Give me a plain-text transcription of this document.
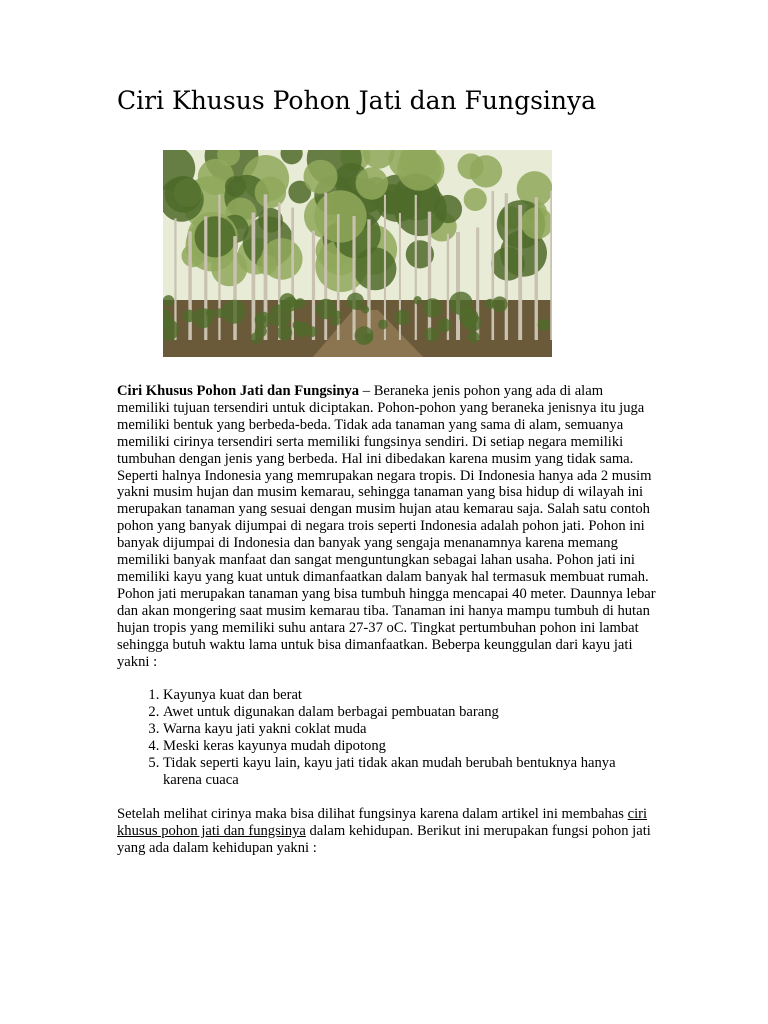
Ciri Khusus Pohon Jati dan Fungsinya

Ciri Khusus Pohon Jati dan Fungsinya – Beraneka jenis pohon yang ada di alam memiliki tujuan tersendiri untuk diciptakan. Pohon-pohon yang beraneka jenisnya itu juga memiliki bentuk yang berbeda-beda. Tidak ada tanaman yang sama di alam, semuanya memiliki cirinya tersendiri serta memiliki fungsinya sendiri. Di setiap negara memiliki tumbuhan dengan jenis yang berbeda. Hal ini dibedakan karena musim yang tidak sama. Seperti halnya Indonesia yang memrupakan negara tropis. Di Indonesia hanya ada 2 musim yakni musim hujan dan musim kemarau, sehingga tanaman yang bisa hidup di wilayah ini merupakan tanaman yang sesuai dengan musim hujan atau kemarau saja. Salah satu contoh pohon yang banyak dijumpai di negara trois seperti Indonesia adalah pohon jati. Pohon ini banyak dijumpai di Indonesia dan banyak yang sengaja menanamnya karena memang memiliki banyak manfaat dan sangat menguntungkan sebagai lahan usaha. Pohon jati ini memiliki kayu yang kuat untuk dimanfaatkan dalam banyak hal termasuk membuat rumah. Pohon jati merupakan tanaman yang bisa tumbuh hingga mencapai 40 meter. Daunnya lebar dan akan mongering saat musim kemarau tiba. Tanaman ini hanya mampu tumbuh di hutan hujan tropis yang memiliki suhu antara 27-37 oC. Tingkat pertumbuhan pohon ini lambat sehingga butuh waktu lama untuk bisa dimanfaatkan. Beberpa keunggulan dari kayu jati yakni :

1. Kayunya kuat dan berat
2. Awet untuk digunakan dalam berbagai pembuatan barang
3. Warna kayu jati yakni coklat muda
4. Meski keras kayunya mudah dipotong
5. Tidak seperti kayu lain, kayu jati tidak akan mudah berubah bentuknya hanya karena cuaca

Setelah melihat cirinya maka bisa dilihat fungsinya karena dalam artikel ini membahas ciri khusus pohon jati dan fungsinya dalam kehidupan. Berikut ini merupakan fungsi pohon jati yang ada dalam kehidupan yakni :
